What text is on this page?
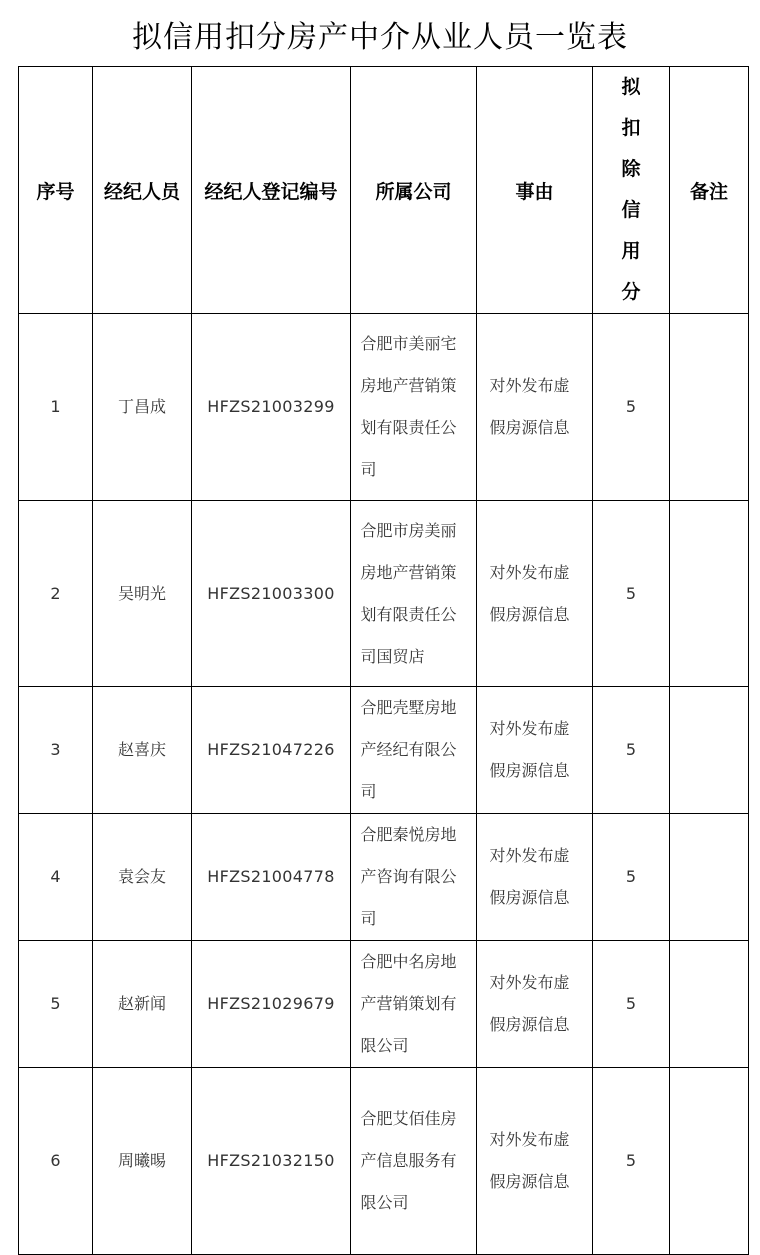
拟信用扣分房产中介从业人员一览表
序号	经纪人员	经纪人登记编号	所属公司	事由	拟扣除信用分	备注
1	丁昌成	HFZS21003299	合肥市美丽宅房地产营销策划有限责任公司	对外发布虚假房源信息	5	
2	吴明光	HFZS21003300	合肥市房美丽房地产营销策划有限责任公司国贸店	对外发布虚假房源信息	5	
3	赵喜庆	HFZS21047226	合肥壳墅房地产经纪有限公司	对外发布虚假房源信息	5	
4	袁会友	HFZS21004778	合肥秦悦房地产咨询有限公司	对外发布虚假房源信息	5	
5	赵新闻	HFZS21029679	合肥中名房地产营销策划有限公司	对外发布虚假房源信息	5	
6	周曦晹	HFZS21032150	合肥艾佰佳房产信息服务有限公司	对外发布虚假房源信息	5	
